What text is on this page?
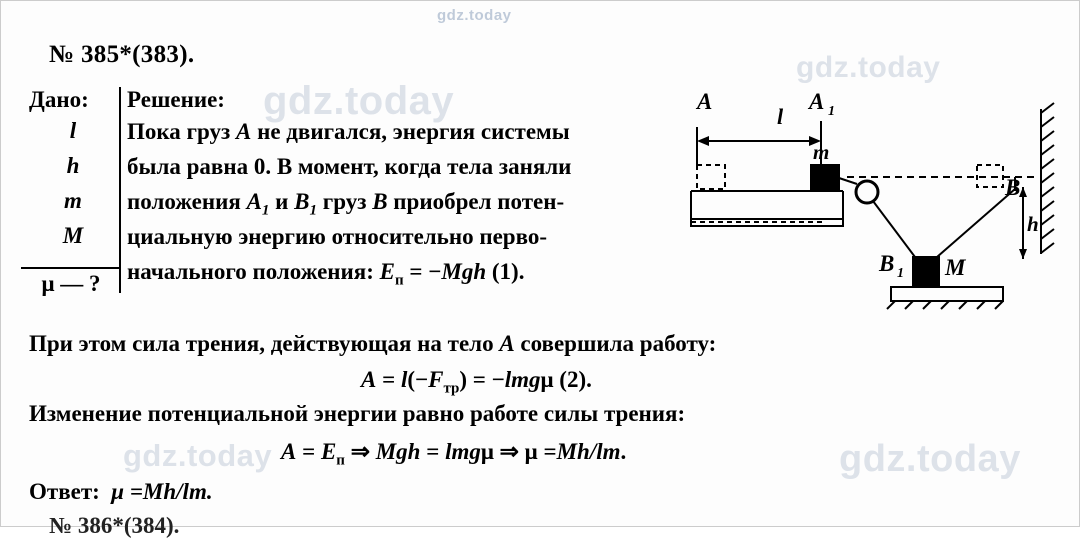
gdz.today
gdz.today
gdz.today
gdz.today	gdz.today
№ 385*(383).
Дано:
l
h
m
M
μ — ?
Решение:
Пока груз A не двигался, энергия системы
была равна 0. В момент, когда тела заняли
положения $A_1$ и $B_1$ груз B приобрел потен-
циальную энергию относительно перво-
начального положения: $E_п = -Mgh$ (1).
При этом сила трения, действующая на тело A совершила работу:
$A = l(-F_{тр}) = -lmg\mu$ (2).
Изменение потенциальной энергии равно работе силы трения:
$A = E_п$ ⇒ Mgh = lmgμ ⇒ μ =Mh/lm.
Ответ: μ =Mh/lm.
№ 386*(384).
A
l
A 1
m
B
B 1 M
h
